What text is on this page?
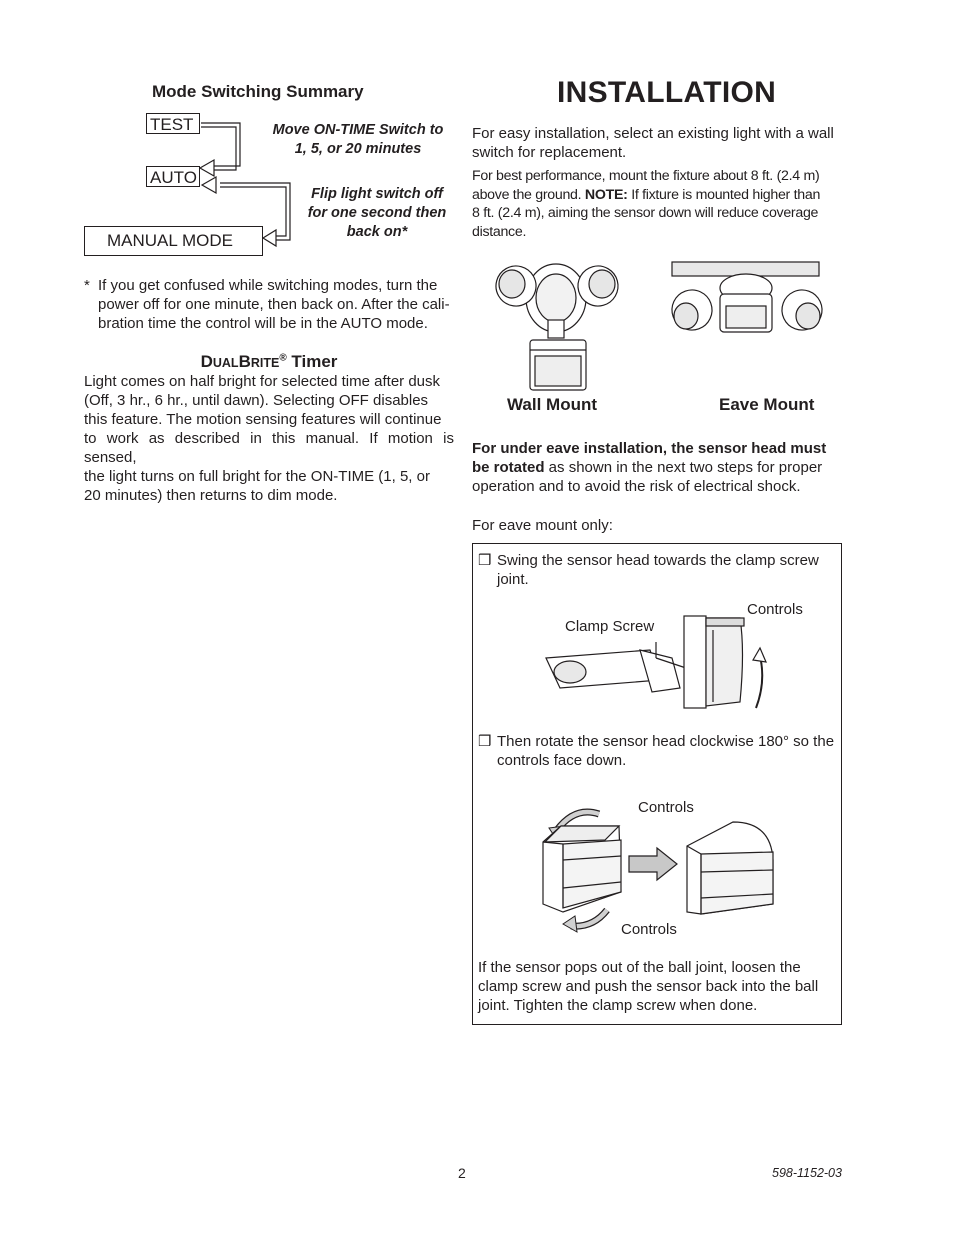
Mode Switching Summary
TEST
AUTO
MANUAL MODE
Move ON-TIME Switch to
1, 5, or 20 minutes
Flip light switch off
for one second then
back on*
* If you get confused while switching modes, turn the
power off for one minute, then back on. After the cali-
bration time the control will be in the AUTO mode.
DUALBRITE® Timer
Light comes on half bright for selected time after dusk
(Off, 3 hr., 6 hr., until dawn). Selecting OFF disables
this feature. The motion sensing features will continue
to work as described in this manual. If motion is sensed,
the light turns on full bright for the ON-TIME (1, 5, or
20 minutes) then returns to dim mode.
INSTALLATION
For easy installation, select an existing light with a wall
switch for replacement.
For best performance, mount the fixture about 8 ft. (2.4 m)
above the ground. NOTE: If fixture is mounted higher than
8 ft. (2.4 m), aiming the sensor down will reduce coverage
distance.
Wall Mount	Eave Mount
For under eave installation, the sensor head must
be rotated as shown in the next two steps for proper
operation and to avoid the risk of electrical shock.
For eave mount only:
❒ Swing the sensor head towards the clamp screw
joint.
Controls
Clamp Screw
❒ Then rotate the sensor head clockwise 180° so the
controls face down.
Controls
Controls
If the sensor pops out of the ball joint, loosen the
clamp screw and push the sensor back into the ball
joint. Tighten the clamp screw when done.
2	598-1152-03
